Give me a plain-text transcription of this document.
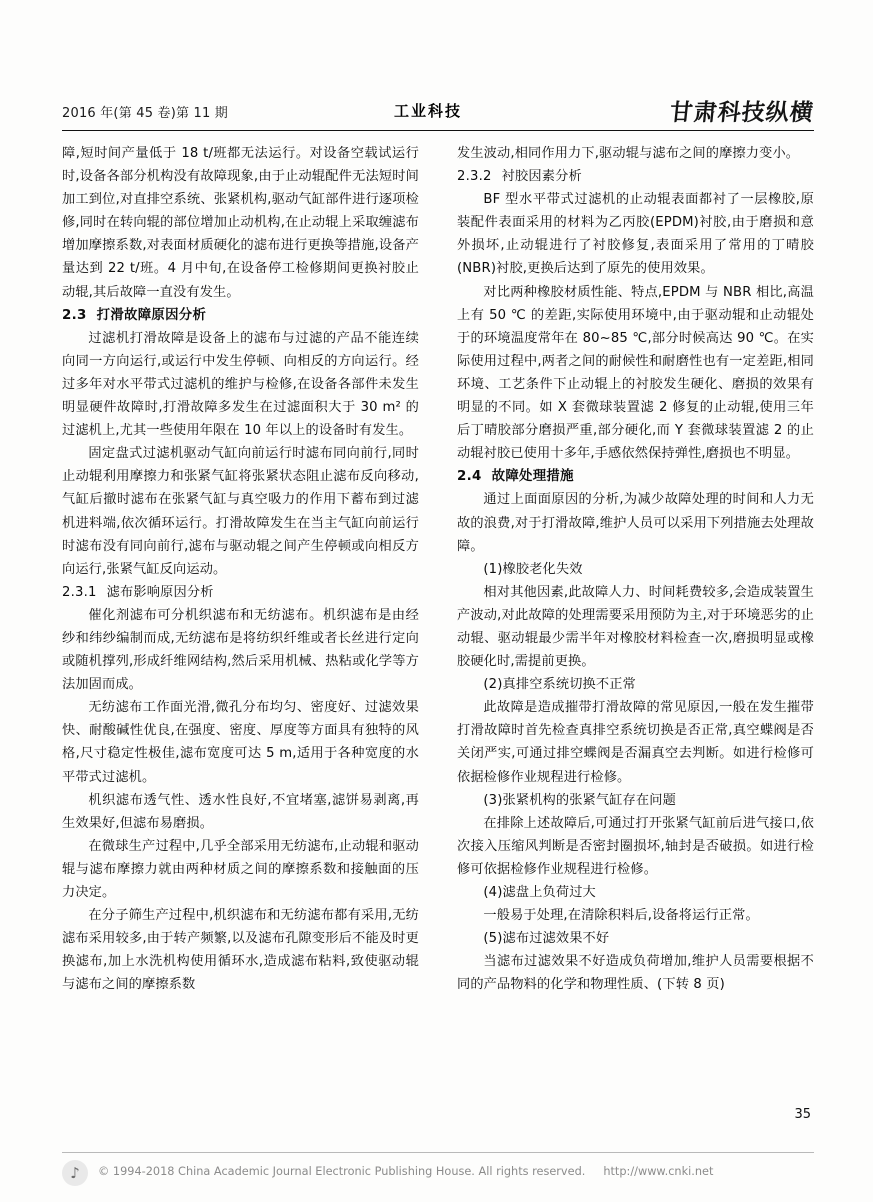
2016 年(第 45 卷)第 11 期	工业科技	甘肃科技纵横

障,短时间产量低于 18 t/班都无法运行。对设备空载试运行时,设备各部分机构没有故障现象,由于止动辊配件无法短时间加工到位,对直排空系统、张紧机构,驱动气缸部件进行逐项检修,同时在转向辊的部位增加止动机构,在止动辊上采取缠滤布增加摩擦系数,对表面材质硬化的滤布进行更换等措施,设备产量达到 22 t/班。4 月中旬,在设备停工检修期间更换衬胶止动辊,其后故障一直没有发生。

2.3 打滑故障原因分析

过滤机打滑故障是设备上的滤布与过滤的产品不能连续向同一方向运行,或运行中发生停顿、向相反的方向运行。经过多年对水平带式过滤机的维护与检修,在设备各部件未发生明显硬件故障时,打滑故障多发生在过滤面积大于 30 m² 的过滤机上,尤其一些使用年限在 10 年以上的设备时有发生。

固定盘式过滤机驱动气缸向前运行时滤布同向前行,同时止动辊利用摩擦力和张紧气缸将张紧状态阻止滤布反向移动,气缸后撤时滤布在张紧气缸与真空吸力的作用下蓄布到过滤机进料端,依次循环运行。打滑故障发生在当主气缸向前运行时滤布没有同向前行,滤布与驱动辊之间产生停顿或向相反方向运行,张紧气缸反向运动。

2.3.1 滤布影响原因分析

催化剂滤布可分机织滤布和无纺滤布。机织滤布是由经纱和纬纱编制而成,无纺滤布是将纺织纤维或者长丝进行定向或随机撑列,形成纤维网结构,然后采用机械、热粘或化学等方法加固而成。

无纺滤布工作面光滑,微孔分布均匀、密度好、过滤效果快、耐酸碱性优良,在强度、密度、厚度等方面具有独特的风格,尺寸稳定性极佳,滤布宽度可达 5 m,适用于各种宽度的水平带式过滤机。

机织滤布透气性、透水性良好,不宜堵塞,滤饼易剥离,再生效果好,但滤布易磨损。

在微球生产过程中,几乎全部采用无纺滤布,止动辊和驱动辊与滤布摩擦力就由两种材质之间的摩擦系数和接触面的压力决定。

在分子筛生产过程中,机织滤布和无纺滤布都有采用,无纺滤布采用较多,由于转产频繁,以及滤布孔隙变形后不能及时更换滤布,加上水洗机构使用循环水,造成滤布粘料,致使驱动辊与滤布之间的摩擦系数

发生波动,相同作用力下,驱动辊与滤布之间的摩擦力变小。

2.3.2 衬胶因素分析

BF 型水平带式过滤机的止动辊表面都衬了一层橡胶,原装配件表面采用的材料为乙丙胶(EPDM)衬胶,由于磨损和意外损坏,止动辊进行了衬胶修复,表面采用了常用的丁晴胶(NBR)衬胶,更换后达到了原先的使用效果。

对比两种橡胶材质性能、特点,EPDM 与 NBR 相比,高温上有 50 ℃ 的差距,实际使用环境中,由于驱动辊和止动辊处于的环境温度常年在 80~85 ℃,部分时候高达 90 ℃。在实际使用过程中,两者之间的耐候性和耐磨性也有一定差距,相同环境、工艺条件下止动辊上的衬胶发生硬化、磨损的效果有明显的不同。如 X 套微球装置滤 2 修复的止动辊,使用三年后丁晴胶部分磨损严重,部分硬化,而 Y 套微球装置滤 2 的止动辊衬胶已使用十多年,手感依然保持弹性,磨损也不明显。

2.4 故障处理措施

通过上面面原因的分析,为减少故障处理的时间和人力无故的浪费,对于打滑故障,维护人员可以采用下列措施去处理故障。

(1)橡胶老化失效

相对其他因素,此故障人力、时间耗费较多,会造成装置生产波动,对此故障的处理需要采用预防为主,对于环境恶劣的止动辊、驱动辊最少需半年对橡胶材料检查一次,磨损明显或橡胶硬化时,需提前更换。

(2)真排空系统切换不正常

此故障是造成摧带打滑故障的常见原因,一般在发生摧带打滑故障时首先检查真排空系统切换是否正常,真空蝶阀是否关闭严实,可通过排空蝶阀是否漏真空去判断。如进行检修可依据检修作业规程进行检修。

(3)张紧机构的张紧气缸存在问题

在排除上述故障后,可通过打开张紧气缸前后进气接口,依次接入压缩风判断是否密封圈损坏,轴封是否破损。如进行检修可依据检修作业规程进行检修。

(4)滤盘上负荷过大

一般易于处理,在清除积料后,设备将运行正常。

(5)滤布过滤效果不好

当滤布过滤效果不好造成负荷增加,维护人员需要根据不同的产品物料的化学和物理性质、(下转 8 页)

35
♪	© 1994-2018 China Academic Journal Electronic Publishing House. All rights reserved. http://www.cnki.net
